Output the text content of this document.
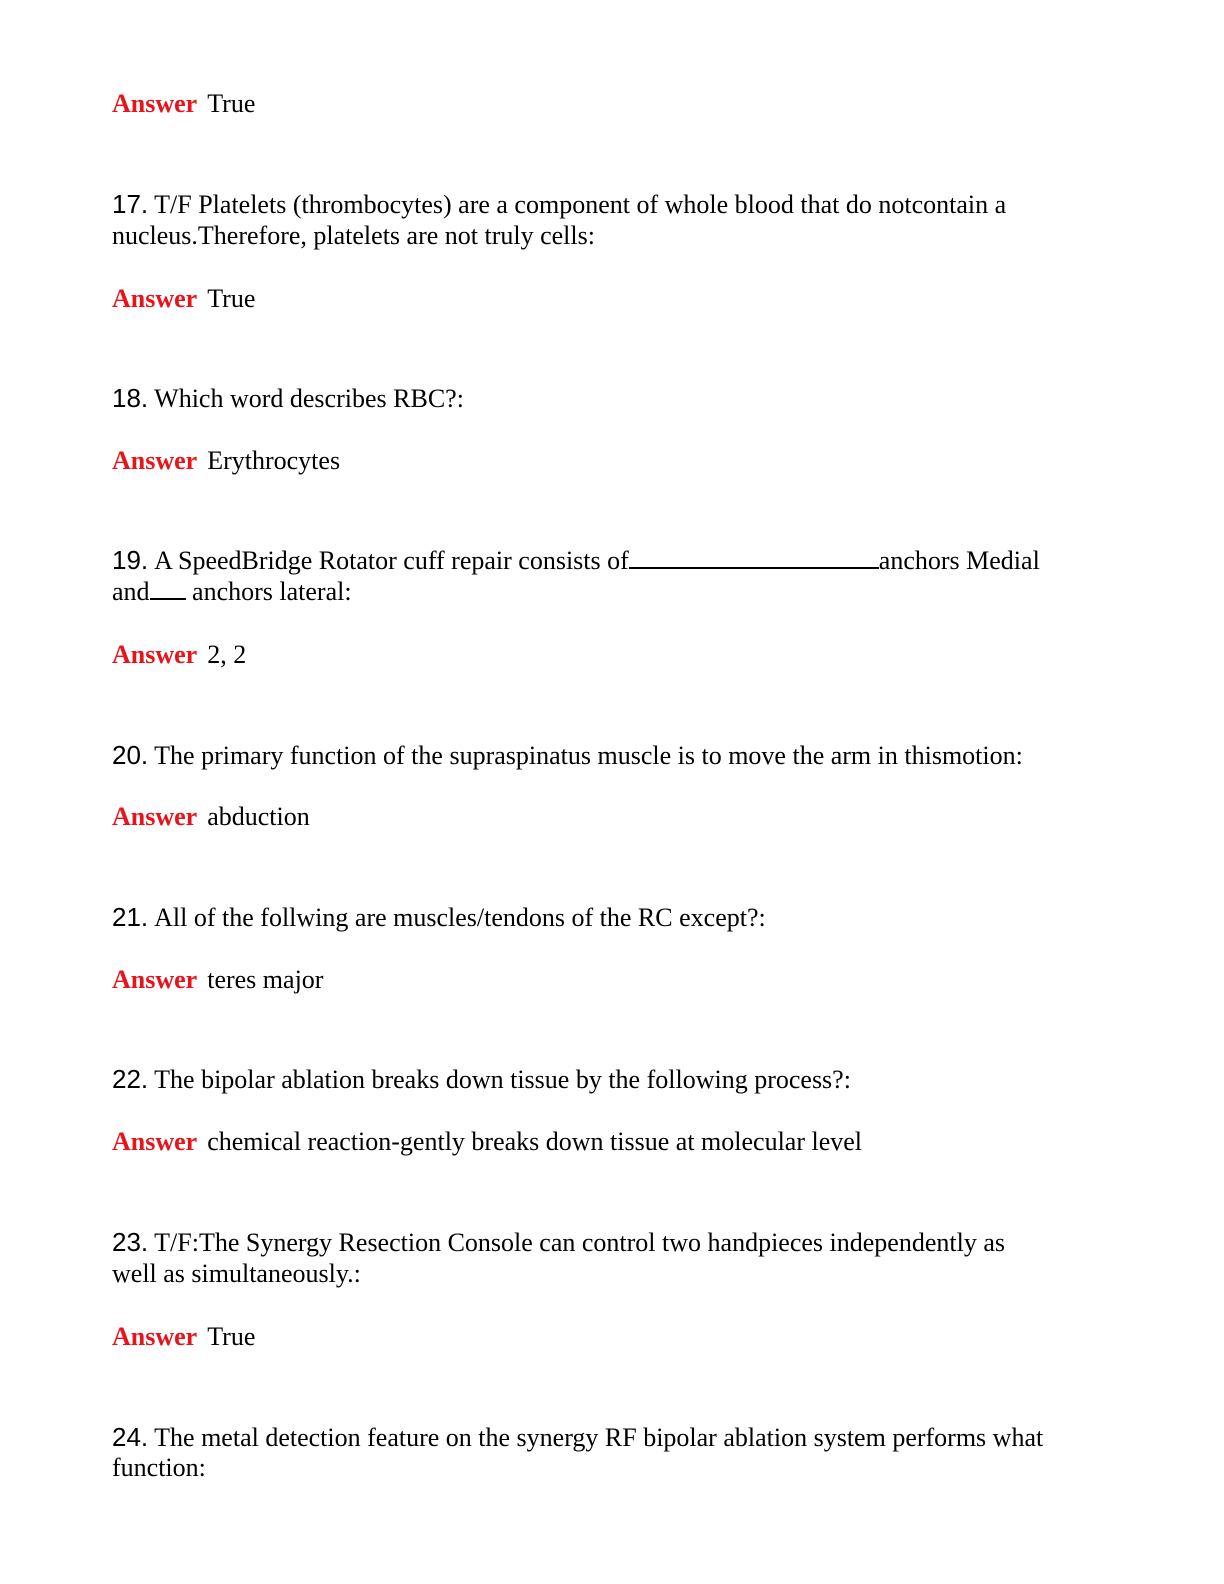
Answer True
17. T/F Platelets (thrombocytes) are a component of whole blood that do notcontain a
nucleus.Therefore, platelets are not truly cells:
Answer True
18. Which word describes RBC?:
Answer Erythrocytes
19. A SpeedBridge Rotator cuff repair consists of	anchors Medial
and anchors lateral:
Answer 2, 2
20. The primary function of the supraspinatus muscle is to move the arm in thismotion:
Answer abduction
21. All of the follwing are muscles/tendons of the RC except?:
Answer teres major
22. The bipolar ablation breaks down tissue by the following process?:
Answer chemical reaction-gently breaks down tissue at molecular level
23. T/F:The Synergy Resection Console can control two handpieces independently as
well as simultaneously.:
Answer True
24. The metal detection feature on the synergy RF bipolar ablation system performs what
function:
